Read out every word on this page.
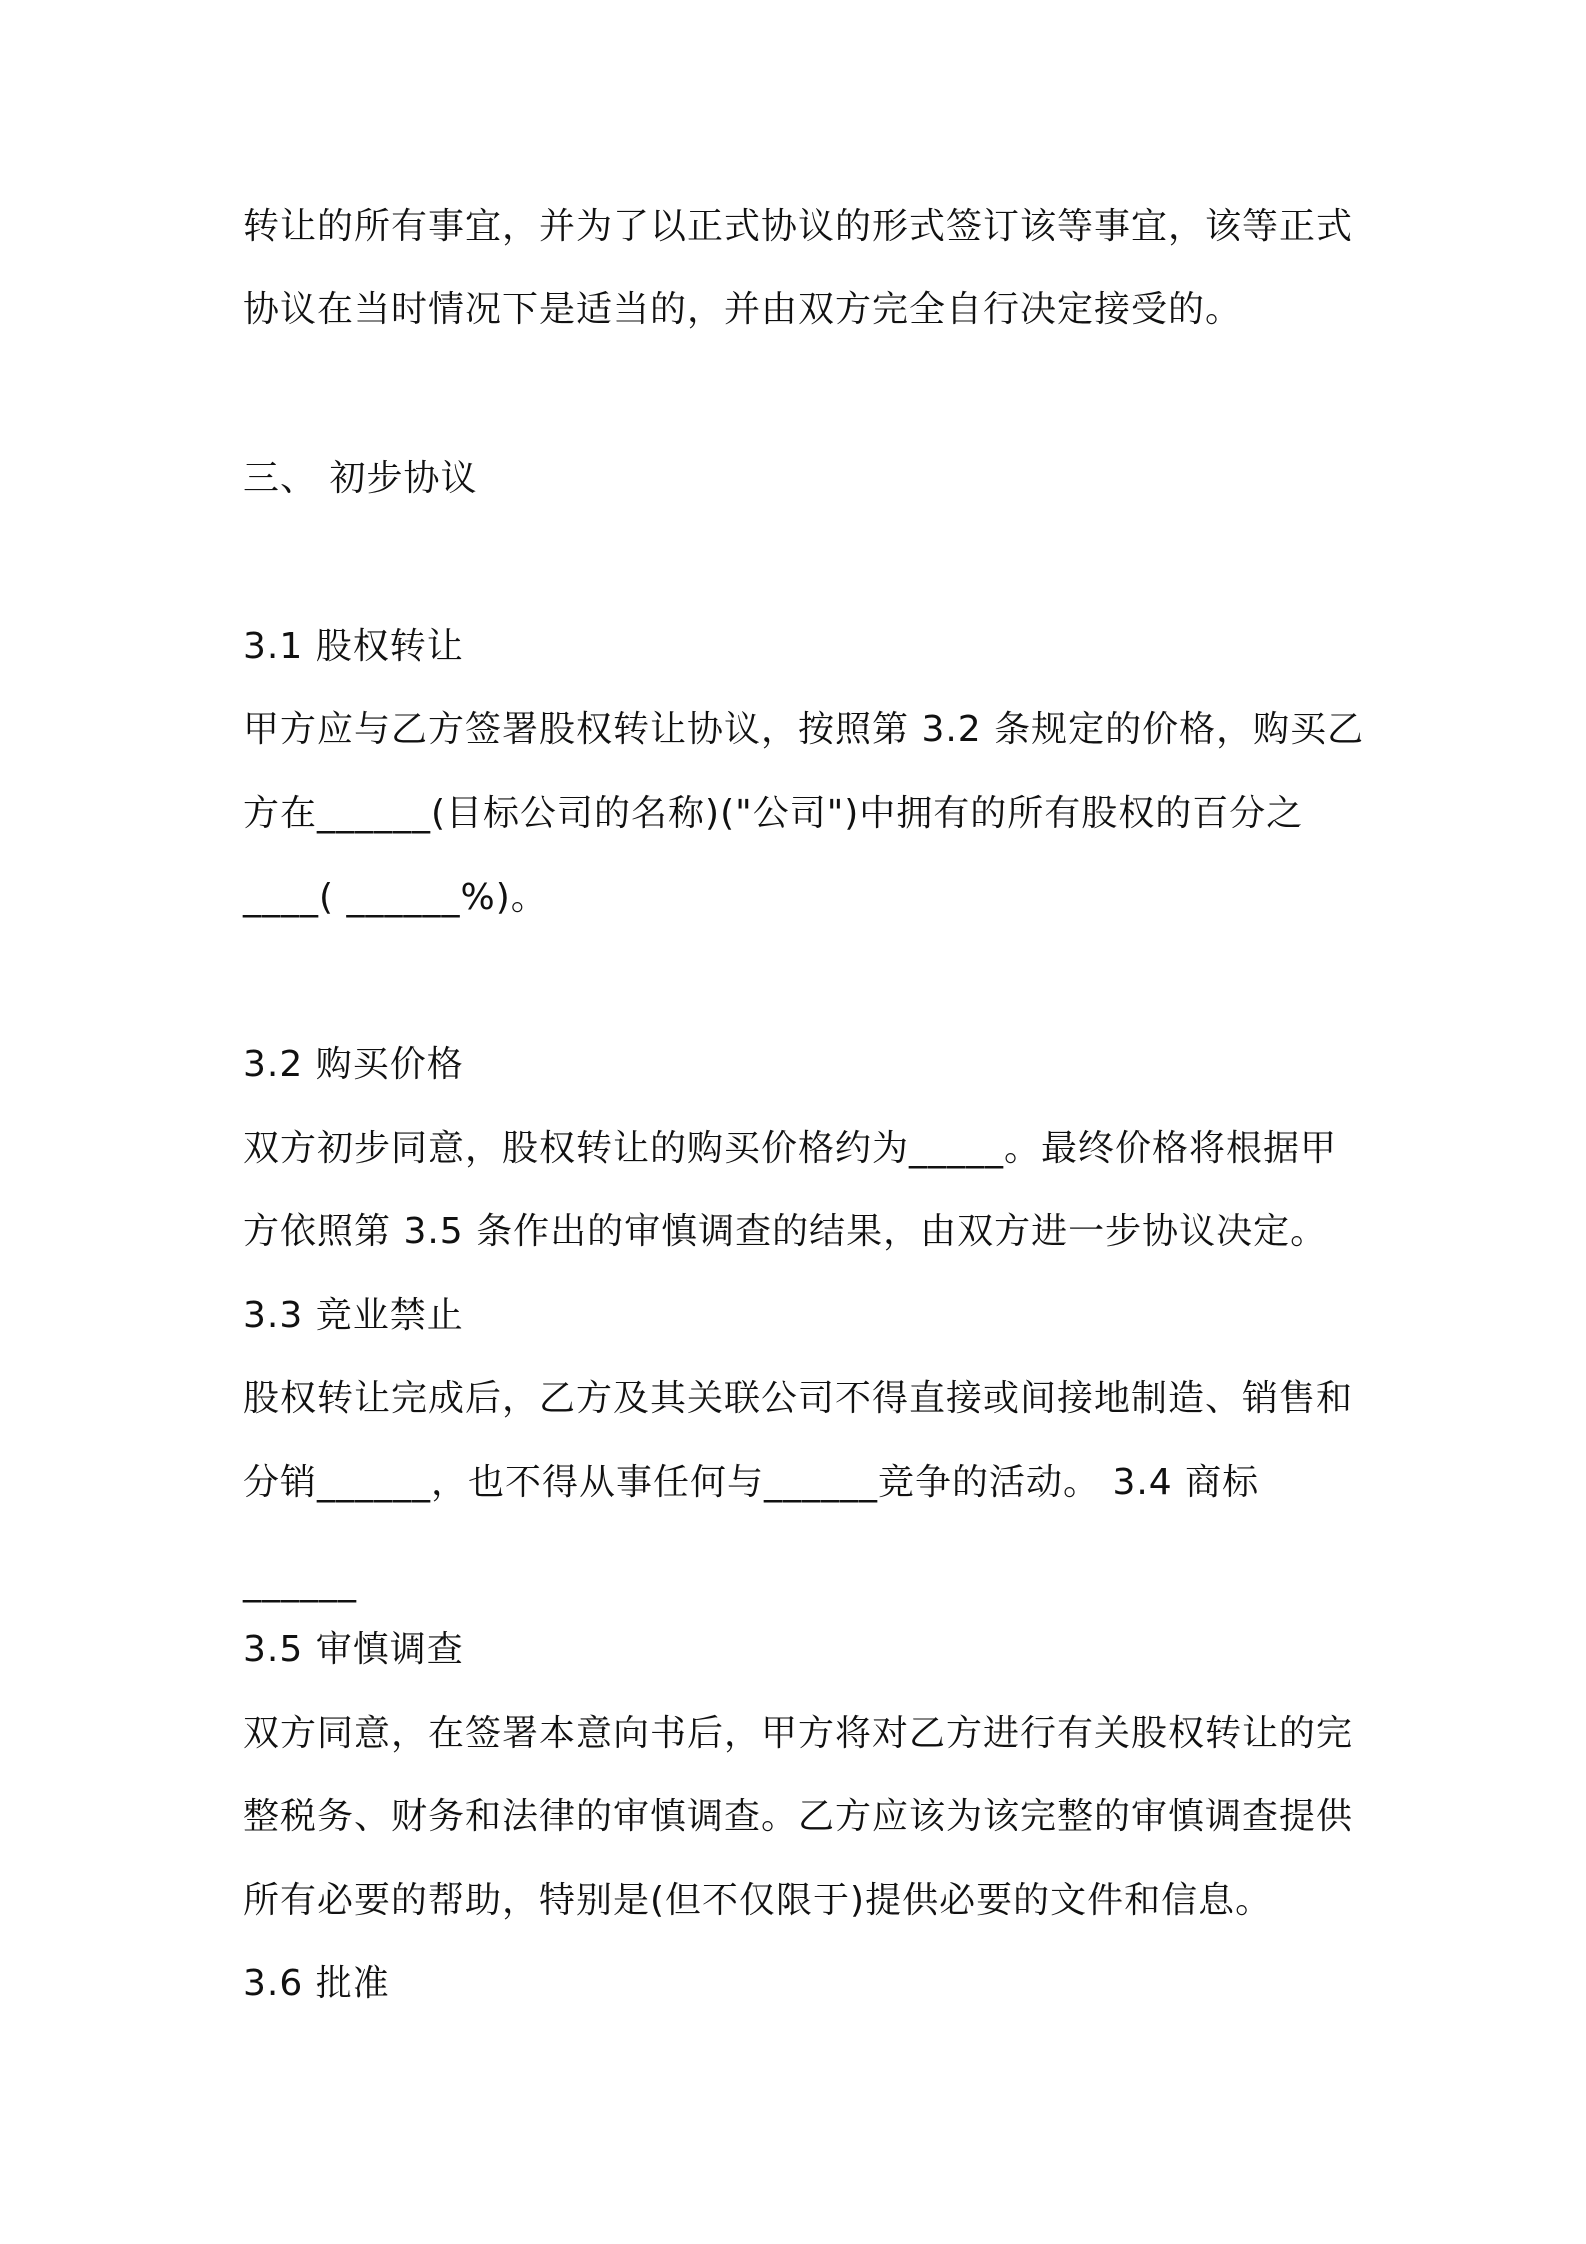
转让的所有事宜，并为了以正式协议的形式签订该等事宜，该等正式

协议在当时情况下是适当的，并由双方完全自行决定接受的。

三、 初步协议

3.1 股权转让

甲方应与乙方签署股权转让协议，按照第 3.2 条规定的价格，购买乙

方在______(目标公司的名称)("公司")中拥有的所有股权的百分之

____( ______%)。

3.2 购买价格

双方初步同意，股权转让的购买价格约为_____。最终价格将根据甲

方依照第 3.5 条作出的审慎调查的结果，由双方进一步协议决定。

3.3 竞业禁止

股权转让完成后，乙方及其关联公司不得直接或间接地制造、销售和

分销______，也不得从事任何与______竞争的活动。 3.4 商标

______

3.5 审慎调查

双方同意，在签署本意向书后，甲方将对乙方进行有关股权转让的完

整税务、财务和法律的审慎调查。乙方应该为该完整的审慎调查提供

所有必要的帮助，特别是(但不仅限于)提供必要的文件和信息。

3.6 批准
